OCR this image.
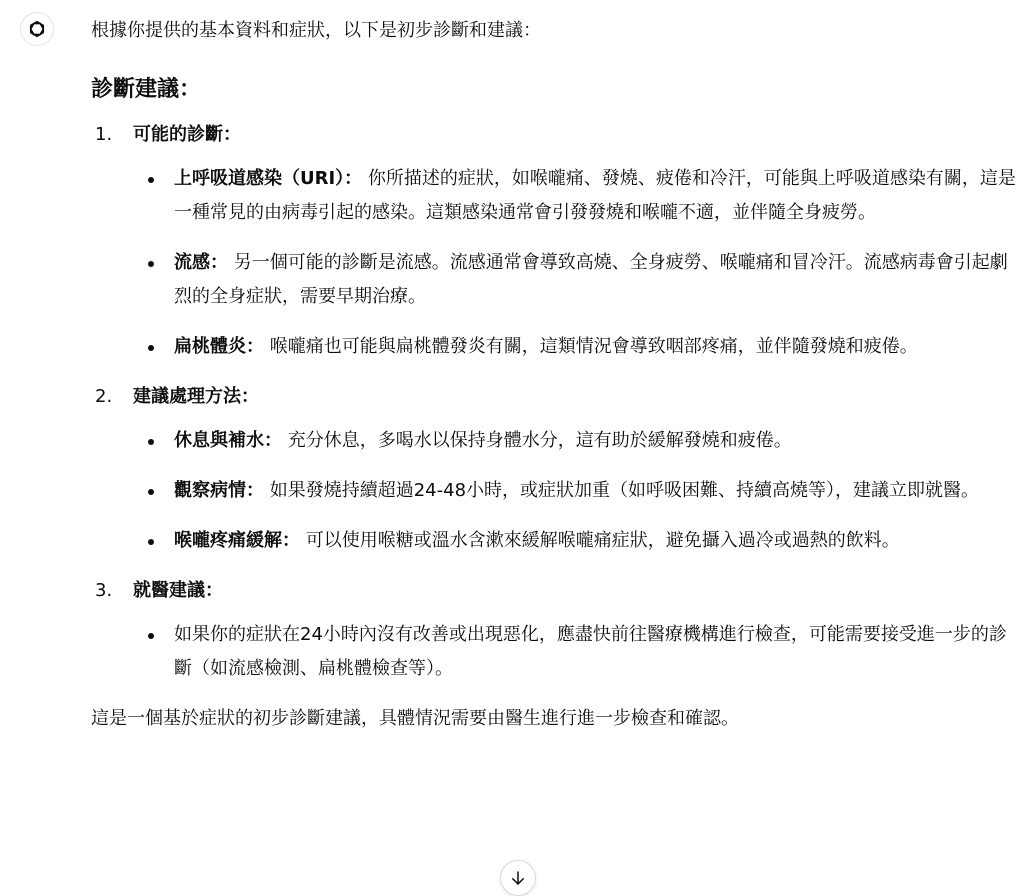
根據你提供的基本資料和症狀，以下是初步診斷和建議：

診斷建議：
1.	可能的診斷：
上呼吸道感染（URI）： 你所描述的症狀，如喉嚨痛、發燒、疲倦和冷汗，可能與上呼吸道感染有關，這是一種常見的由病毒引起的感染。這類感染通常會引發發燒和喉嚨不適，並伴隨全身疲勞。
流感： 另一個可能的診斷是流感。流感通常會導致高燒、全身疲勞、喉嚨痛和冒冷汗。流感病毒會引起劇烈的全身症狀，需要早期治療。
扁桃體炎： 喉嚨痛也可能與扁桃體發炎有關，這類情況會導致咽部疼痛，並伴隨發燒和疲倦。
2.	建議處理方法：
休息與補水： 充分休息，多喝水以保持身體水分，這有助於緩解發燒和疲倦。
觀察病情： 如果發燒持續超過24-48小時，或症狀加重（如呼吸困難、持續高燒等），建議立即就醫。
喉嚨疼痛緩解： 可以使用喉糖或溫水含漱來緩解喉嚨痛症狀，避免攝入過冷或過熱的飲料。
3.	就醫建議：
如果你的症狀在24小時內沒有改善或出現惡化，應盡快前往醫療機構進行檢查，可能需要接受進一步的診斷（如流感檢測、扁桃體檢查等）。

這是一個基於症狀的初步診斷建議，具體情況需要由醫生進行進一步檢查和確認。
